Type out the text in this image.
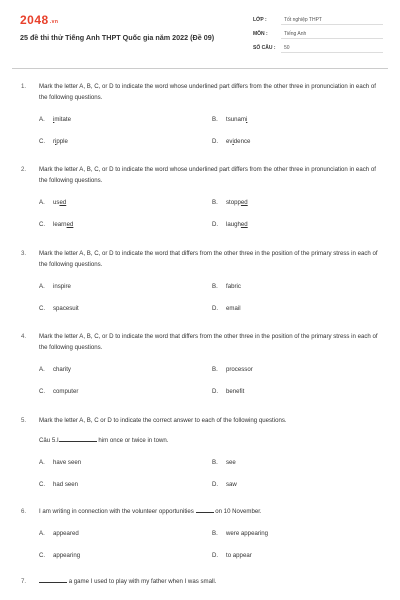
2048.vn
25 đề thi thử Tiếng Anh THPT Quốc gia năm 2022 (Đề 09)
LỚP :	Tốt nghiệp THPT
MÔN :	Tiếng Anh
SỐ CÂU : 50
1. Mark the letter A, B, C, or D to indicate the word whose underlined part differs from the other three in pronunciation in each of the following questions.
A. imitate	B. tsunami
C. ripple	D. evidence
2. Mark the letter A, B, C, or D to indicate the word whose underlined part differs from the other three in pronunciation in each of the following questions.
A. used	B. stopped
C. learned	D. laughed
3. Mark the letter A, B, C, or D to indicate the word that differs from the other three in the position of the primary stress in each of the following questions.
A. inspire	B. fabric
C. spacesuit	D. email
4. Mark the letter A, B, C, or D to indicate the word that differs from the other three in the position of the primary stress in each of the following questions.
A. charity	B. processor
C. computer	D. benefit
5. Mark the letter A, B, C or D to indicate the correct answer to each of the following questions.
Câu 5.I	him once or twice in town.
A. have seen	B. see
C. had seen	D. saw
6. I am writing in connection with the volunteer opportunities	on 10 November.
A. appeared	B. were appearing
C. appearing	D. to appear
7.	a game I used to play with my father when I was small.
